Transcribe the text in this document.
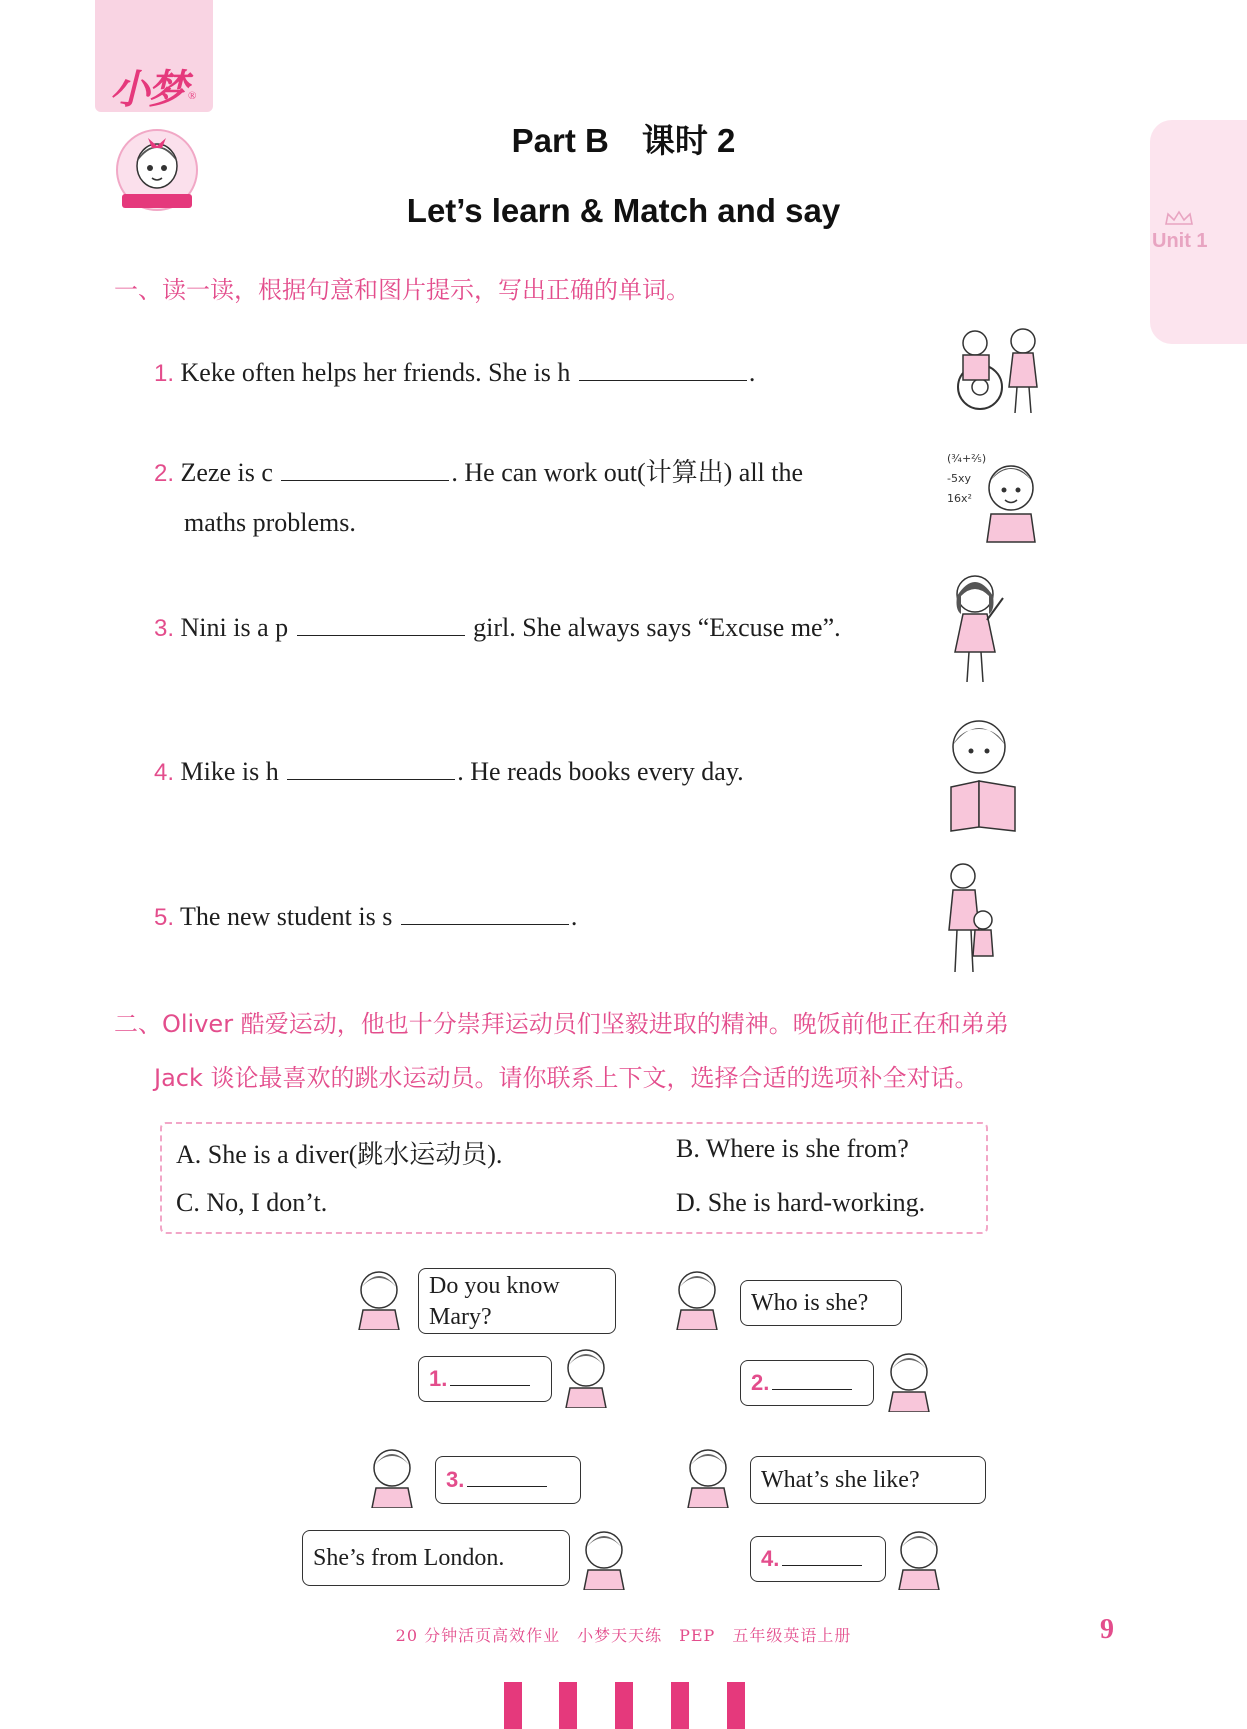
小梦 ®
Unit 1
Part B　课时 2
Let’s learn & Match and say
一、读一读，根据句意和图片提示，写出正确的单词。
1. Keke often helps her friends. She is h	.
2. Zeze is c	. He can work out(计算出) all the
maths problems.
3. Nini is a p	girl. She always says “Excuse me”.
4. Mike is h	. He reads books every day.
5. The new student is s	.
(¾+⅖)
-5xy
16x²
二、Oliver 酷爱运动，他也十分崇拜运动员们坚毅进取的精神。晚饭前他正在和弟弟
Jack 谈论最喜欢的跳水运动员。请你联系上下文，选择合适的选项补全对话。
A. She is a diver(跳水运动员).	B. Where is she from?
C. No, I don’t.	D. She is hard-working.
Do you know
Mary?
1.
Who is she?
2.
3.
She’s from London.
What’s she like?
4.
20 分钟活页高效作业　小梦天天练　PEP　五年级英语上册	9
